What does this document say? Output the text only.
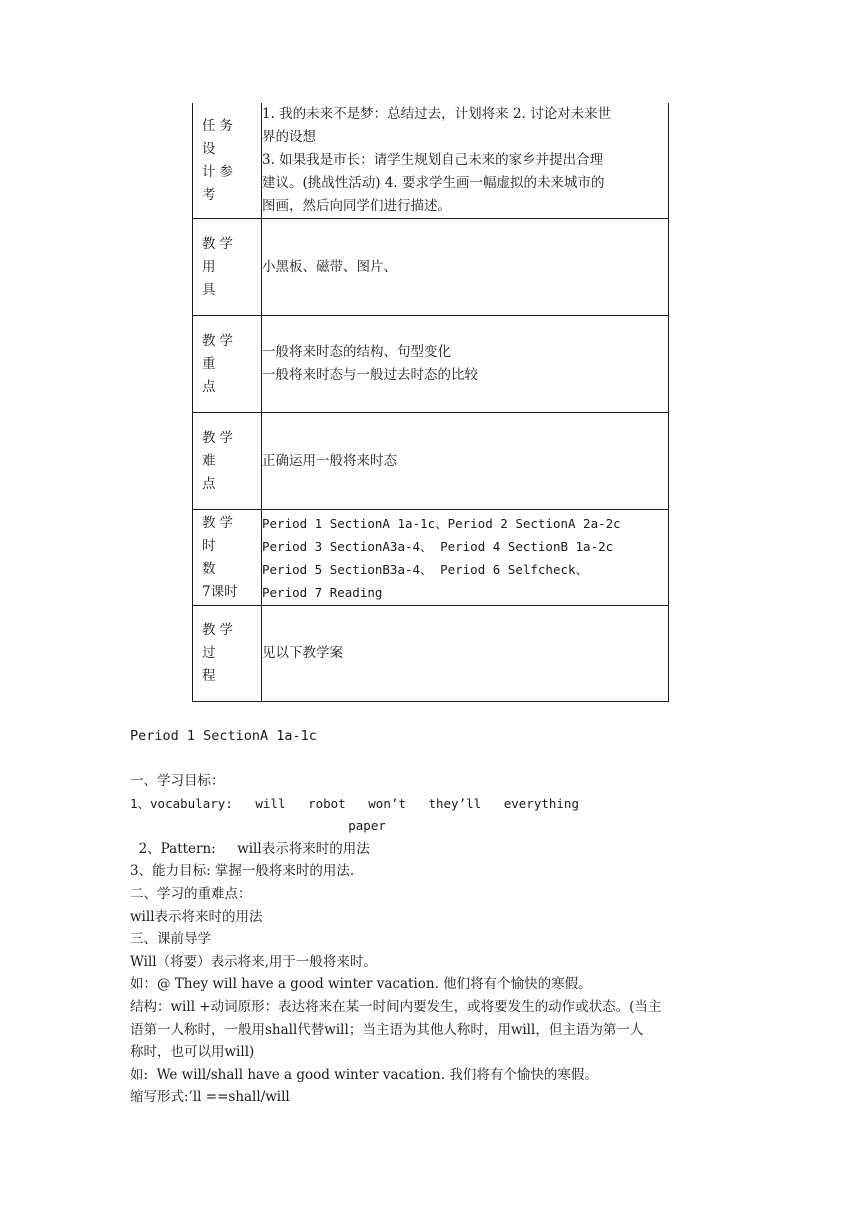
任务设
计参考	1. 我的未来不是梦：总结过去，计划将来 2. 讨论对未来世
界的设想
3. 如果我是市长：请学生规划自己未来的家乡并提出合理
建议。(挑战性活动) 4. 要求学生画一幅虚拟的未来城市的
图画，然后向同学们进行描述。

教学用
具	小黑板、磁带、图片、

教学重
点	一般将来时态的结构、句型变化
一般将来时态与一般过去时态的比较

教学难
点	正确运用一般将来时态

教学时
数
7课时	Period 1 SectionA 1a-1c、Period 2 SectionA 2a-2c
Period 3 SectionA3a-4、 Period 4 SectionB 1a-2c
Period 5 SectionB3a-4、 Period 6 Selfcheck、
Period 7 Reading

教学过
程	见以下教学案
Period 1 SectionA 1a-1c
一、学习目标：
1、vocabulary:   will   robot   won’t   they’ll   everything
paper
2、Pattern:     will表示将来时的用法
3、能力目标: 掌握一般将来时的用法.
二、学习的重难点：
will表示将来时的用法
三、课前导学
Will（将要）表示将来,用于一般将来时。
如：@ They will have a good winter vacation. 他们将有个愉快的寒假。
结构：will +动词原形：表达将来在某一时间内要发生，或将要发生的动作或状态。(当主
语第一人称时，一般用shall代替will；当主语为其他人称时，用will，但主语为第一人
称时，也可以用will)
如:  We will/shall have a good winter vacation. 我们将有个愉快的寒假。
缩写形式:’ll ==shall/will
